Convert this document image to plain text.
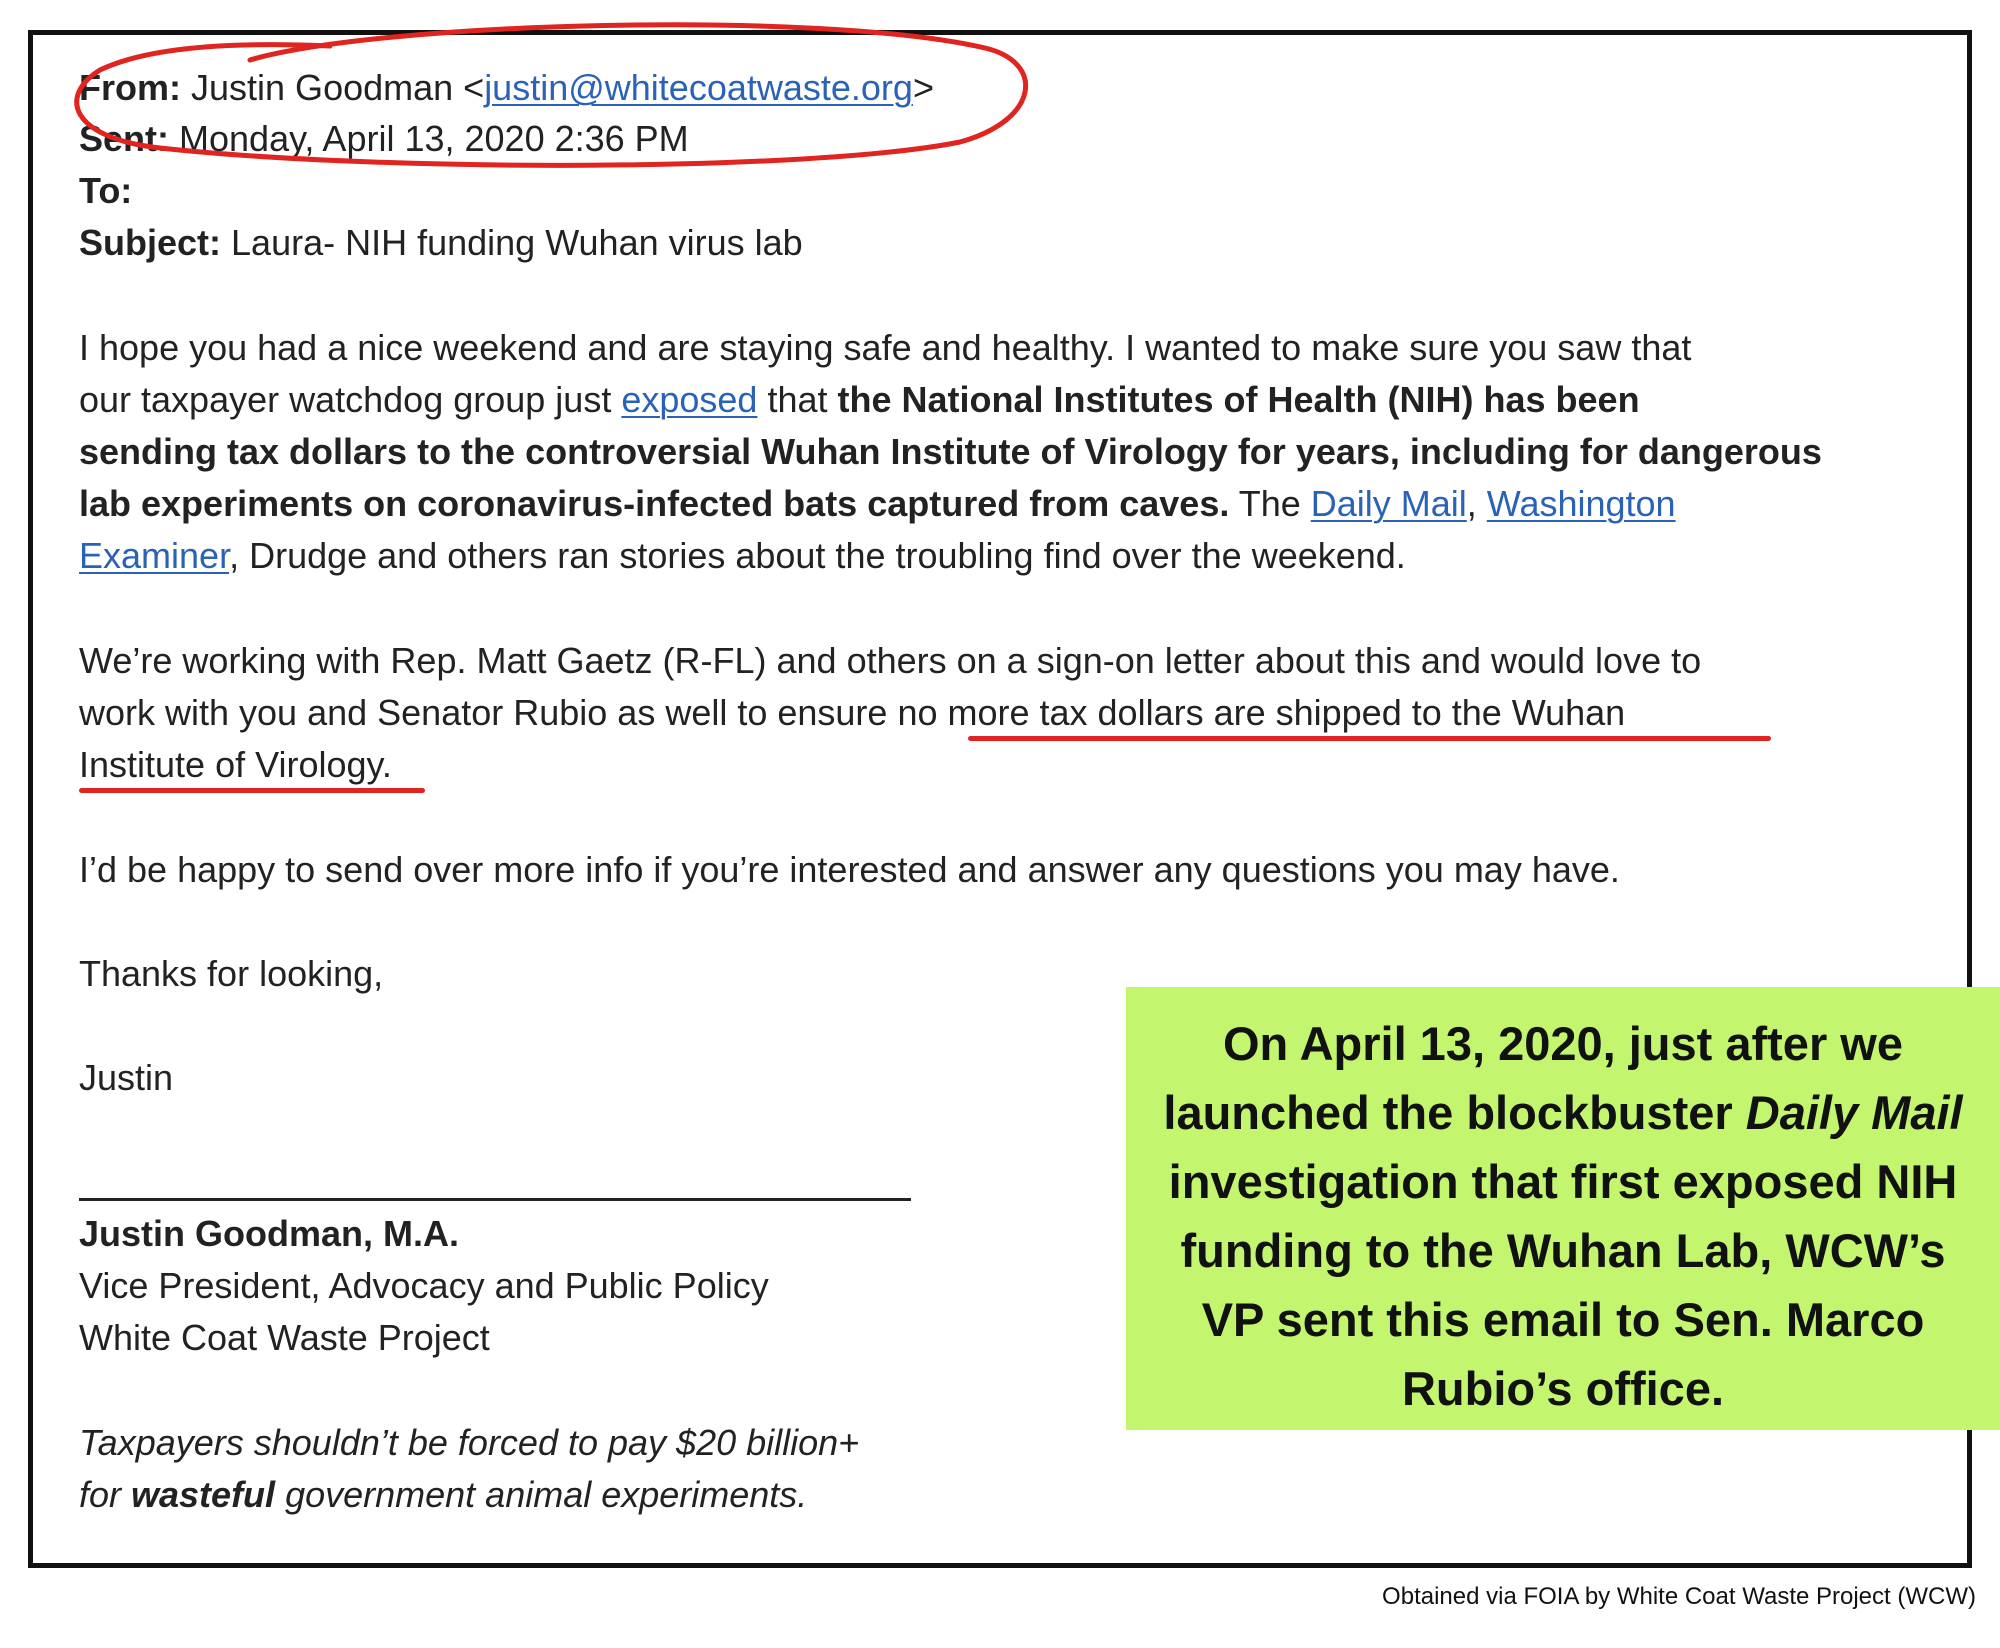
From: Justin Goodman <justin@whitecoatwaste.org>
Sent: Monday, April 13, 2020 2:36 PM
To:
Subject: Laura- NIH funding Wuhan virus lab
I hope you had a nice weekend and are staying safe and healthy. I wanted to make sure you saw that
our taxpayer watchdog group just exposed that the National Institutes of Health (NIH) has been
sending tax dollars to the controversial Wuhan Institute of Virology for years, including for dangerous
lab experiments on coronavirus-infected bats captured from caves. The Daily Mail, Washington
Examiner, Drudge and others ran stories about the troubling find over the weekend.
We’re working with Rep. Matt Gaetz (R-FL) and others on a sign-on letter about this and would love to
work with you and Senator Rubio as well to ensure no more tax dollars are shipped to the Wuhan
Institute of Virology.
I’d be happy to send over more info if you’re interested and answer any questions you may have.
Thanks for looking,
Justin
Justin Goodman, M.A.
Vice President, Advocacy and Public Policy
White Coat Waste Project
Taxpayers shouldn’t be forced to pay $20 billion+
for wasteful government animal experiments.
On April 13, 2020, just after we launched the blockbuster Daily Mail investigation that first exposed NIH funding to the Wuhan Lab, WCW’s VP sent this email to Sen. Marco Rubio’s office.
Obtained via FOIA by White Coat Waste Project (WCW)
